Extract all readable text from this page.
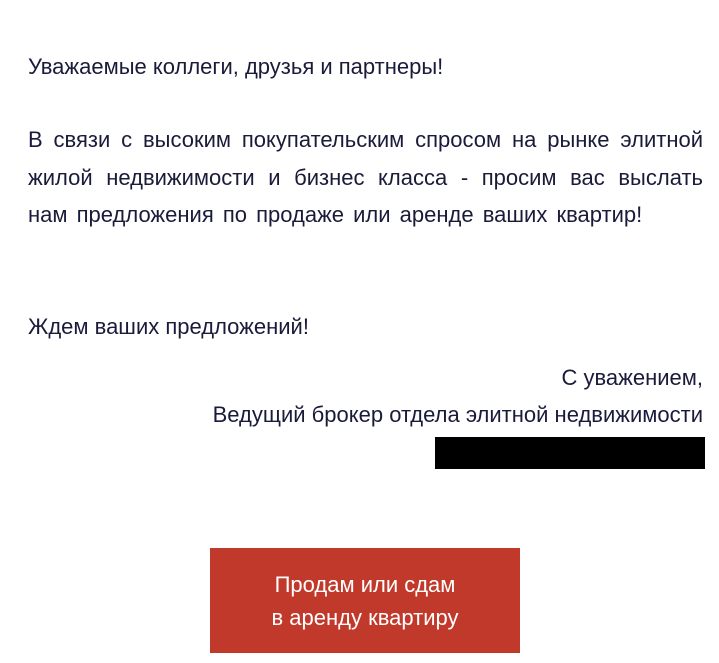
Уважаемые коллеги, друзья и партнеры!
В связи с высоким покупательским спросом на рынке элитной жилой недвижимости и бизнес класса - просим вас выслать нам предложения по продаже или аренде ваших квартир!
Ждем ваших предложений!
С уважением,
Ведущий брокер отдела элитной недвижимости
Продам или сдам
в аренду квартиру
